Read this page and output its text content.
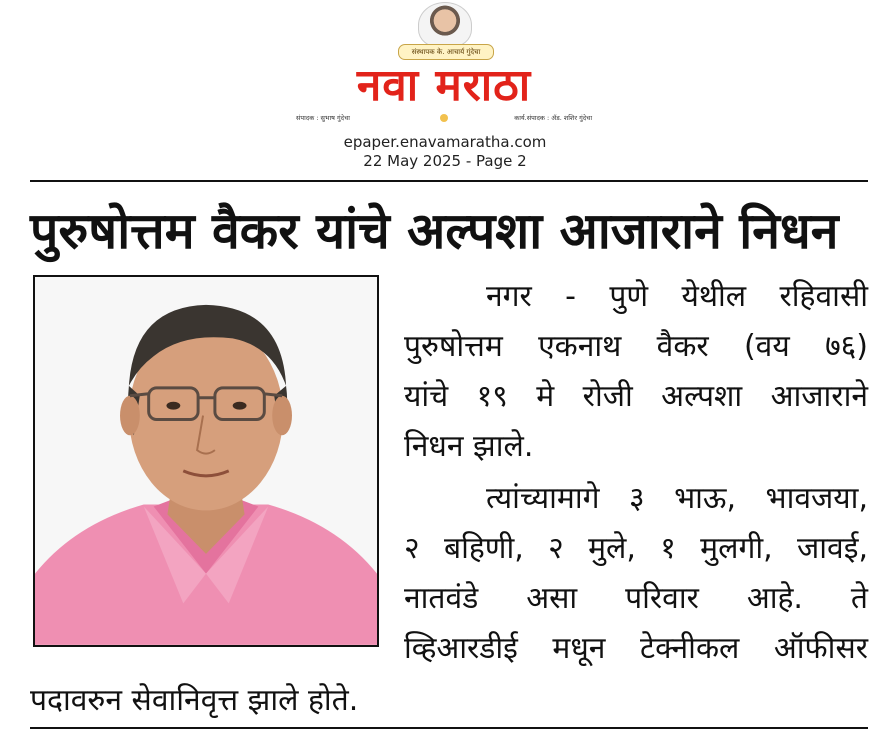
संस्थापक के. आचार्य गुंदेचा
नवा मराठा
संपादक : सुभाष गुंदेचा	कार्य.संपादक : ॲड. शशिर गुंदेचा
epaper.enavamaratha.com
22 May 2025 - Page 2
पुरुषोत्तम वैकर यांचे अल्पशा आजाराने निधन
नगर - पुणे येथील रहिवासी
पुरुषोत्तम एकनाथ वैकर (वय ७६)
यांचे १९ मे रोजी अल्पशा आजाराने
निधन झाले.
त्यांच्यामागे ३ भाऊ, भावजया,
२ बहिणी, २ मुले, १ मुलगी, जावई,
नातवंडे असा परिवार आहे. ते
व्हिआरडीई मधून टेक्नीकल ऑफीसर
पदावरुन सेवानिवृत्त झाले होते.
